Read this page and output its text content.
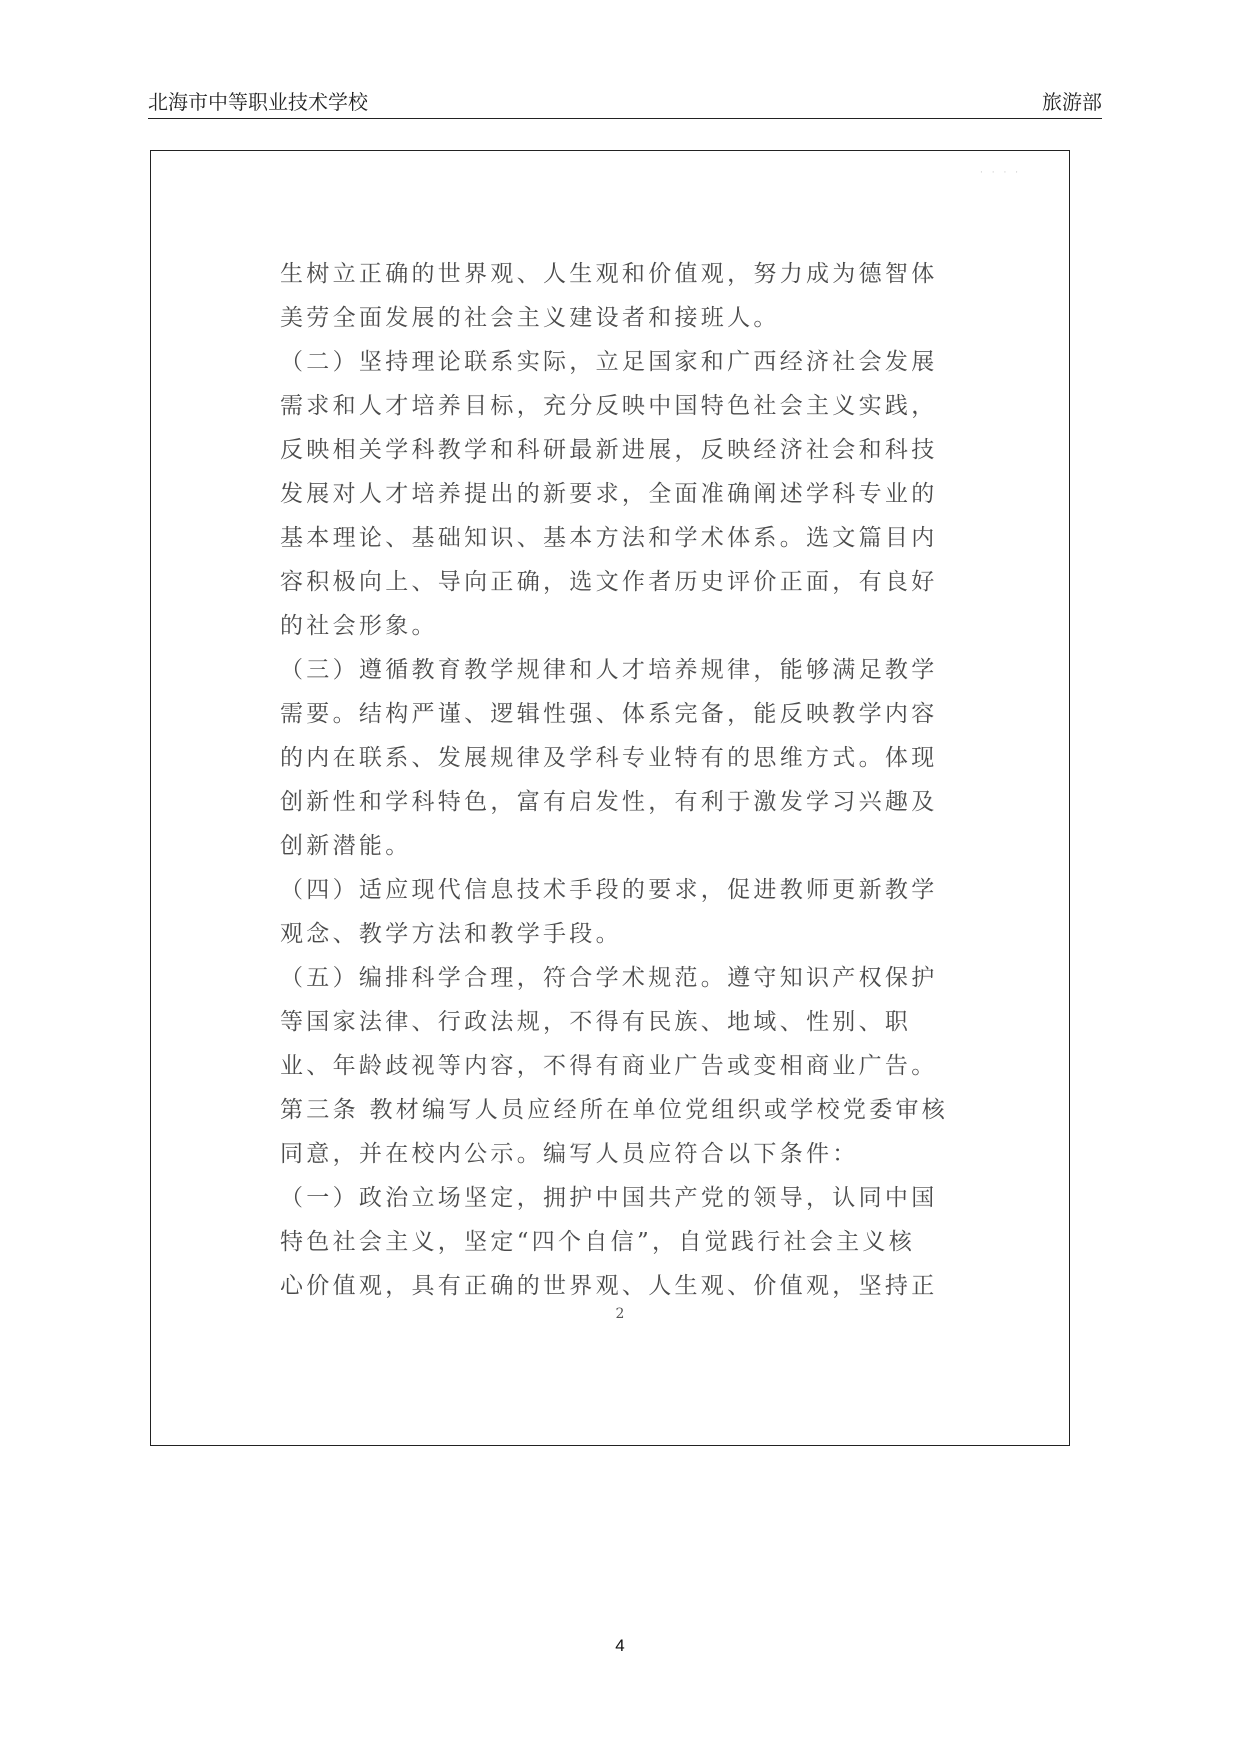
北海市中等职业技术学校	旅游部
· · · ·
生树立正确的世界观、人生观和价值观，努力成为德智体
美劳全面发展的社会主义建设者和接班人。
（二）坚持理论联系实际，立足国家和广西经济社会发展
需求和人才培养目标，充分反映中国特色社会主义实践，
反映相关学科教学和科研最新进展，反映经济社会和科技
发展对人才培养提出的新要求，全面准确阐述学科专业的
基本理论、基础知识、基本方法和学术体系。选文篇目内
容积极向上、导向正确，选文作者历史评价正面，有良好
的社会形象。
（三）遵循教育教学规律和人才培养规律，能够满足教学
需要。结构严谨、逻辑性强、体系完备，能反映教学内容
的内在联系、发展规律及学科专业特有的思维方式。体现
创新性和学科特色，富有启发性，有利于激发学习兴趣及
创新潜能。
（四）适应现代信息技术手段的要求，促进教师更新教学
观念、教学方法和教学手段。
（五）编排科学合理，符合学术规范。遵守知识产权保护
等国家法律、行政法规，不得有民族、地域、性别、职
业、年龄歧视等内容，不得有商业广告或变相商业广告。
第三条 教材编写人员应经所在单位党组织或学校党委审核
同意，并在校内公示。编写人员应符合以下条件：
（一）政治立场坚定，拥护中国共产党的领导，认同中国
特色社会主义，坚定“四个自信”，自觉践行社会主义核
心价值观，具有正确的世界观、人生观、价值观，坚持正
2
4
